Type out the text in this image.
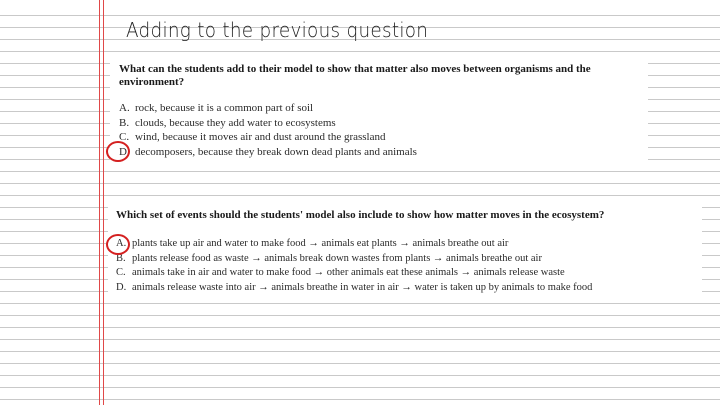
Adding to the previous question

What can the students add to their model to show that matter also moves between organisms and the environment?

A. rock, because it is a common part of soil
B. clouds, because they add water to ecosystems
C. wind, because it moves air and dust around the grassland
D. decomposers, because they break down dead plants and animals

Which set of events should the students' model also include to show how matter moves in the ecosystem?

A. plants take up air and water to make food → animals eat plants → animals breathe out air
B. plants release food as waste → animals break down wastes from plants → animals breathe out air
C. animals take in air and water to make food → other animals eat these animals → animals release waste
D. animals release waste into air → animals breathe in water in air → water is taken up by animals to make food
